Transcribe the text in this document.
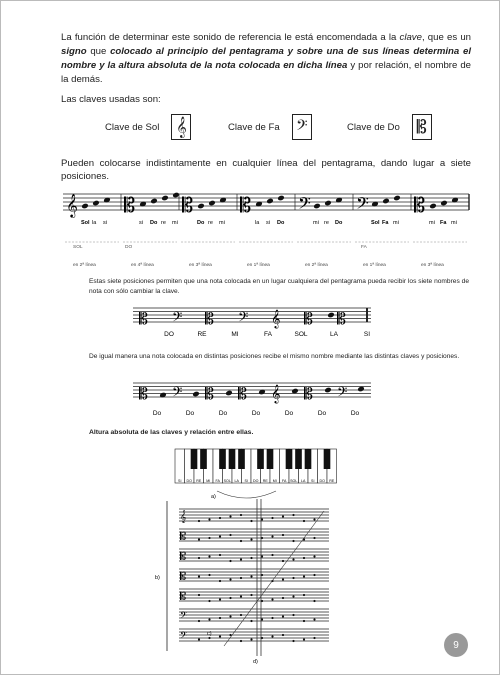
La función de determinar este sonido de referencia le está encomendada a la clave, que es un signo que colocado al principio del pentagrama y sobre una de sus líneas determina el nombre y la altura absoluta de la nota colocada en dicha línea y por relación, el nombre de la demás.
Las claves usadas son:
Clave de Sol 𝄞	Clave de Fa 𝄢	Clave de Do 𝄡
Pueden colocarse indistintamente en cualquier línea del pentagrama, dando lugar a siete posiciones.
𝄞
Sol la si
en 2ª línea
𝄡
si Do re mi
en 4ª línea
𝄡
Do re mi
en 3ª línea
𝄡
la si Do
en 1ª línea
𝄢
mi re Do
en 2ª línea
𝄢
Sol Fa mi
en 1ª línea
𝄡
mi Fa mi
en 3ª línea
SOL	DO	FA
Estas siete posiciones permiten que una nota colocada en un lugar cualquiera del pentagrama pueda recibir los siete nombres de nota con sólo cambiar la clave.
𝄡
DO
𝄢
RE
𝄡
MI
𝄢
FA
𝄞
SOL
𝄡
LA
𝄡
SI
De igual manera una nota colocada en distintas posiciones recibe el mismo nombre mediante las distintas claves y posiciones.
𝄡
Do
𝄢
Do
𝄡
Do
𝄡
Do
𝄞
Do
𝄡
Do
𝄢
Do
Altura absoluta de las claves y relación entre ellas.
SI DO RE MI FA SOL LA SI DO RE MI FA SOL LA SI DO RE
a)
𝄞
𝄡
𝄡
𝄡
𝄡
𝄢
𝄢
b)
c)
d)
9
